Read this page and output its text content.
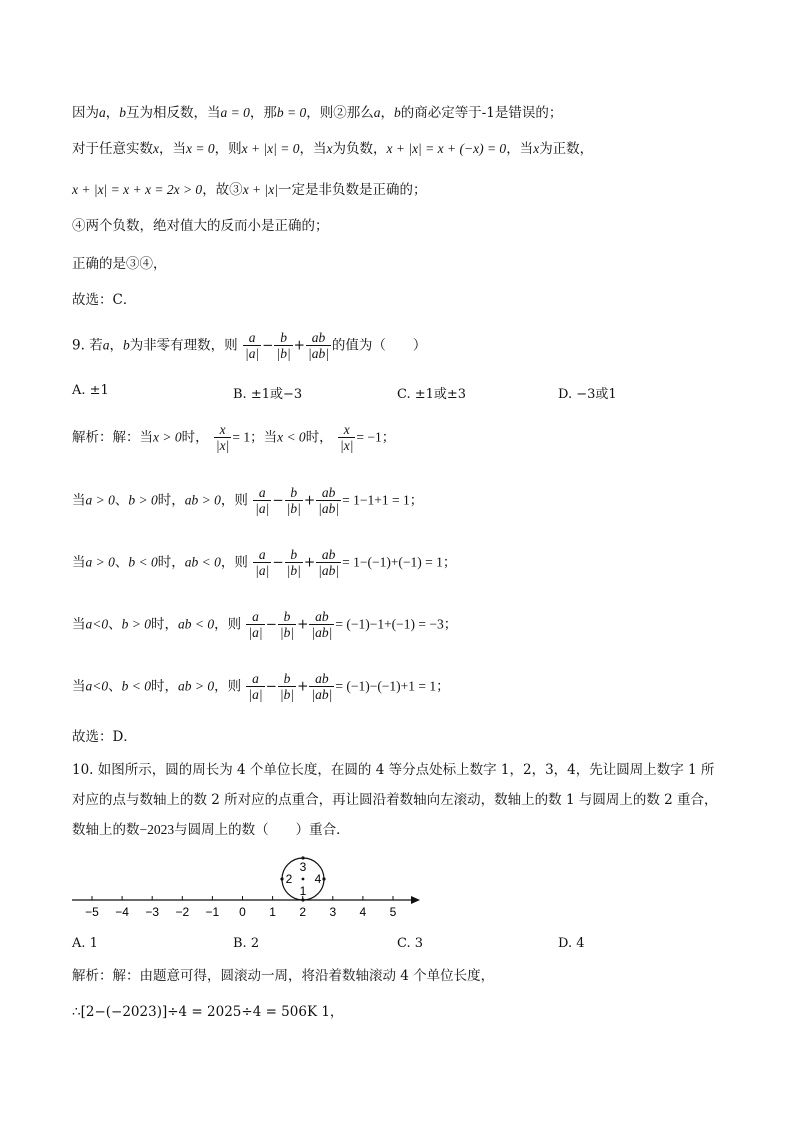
因为a，b互为相反数，当a = 0，那b = 0，则②那么a，b的商必定等于-1是错误的；
对于任意实数x，当x = 0，则x + |x| = 0，当x为负数，x + |x| = x + (−x) = 0，当x为正数，
x + |x| = x + x = 2x > 0，故③x + |x|一定是非负数是正确的；
④两个负数，绝对值大的反而小是正确的；
正确的是③④，
故选：C．
9. 若a，b为非零有理数，则 $\frac{a}{|a|} - \frac{b}{|b|} + \frac{ab}{|ab|}$ 的值为（　　）
A. ±1	B. ±1或−3	C. ±1或±3	D. −3或1
解析：解：当x > 0时， $\frac{x}{|x|} = 1$；当x < 0时， $\frac{x}{|x|} = -1$；
当a > 0、b > 0时，ab > 0，则 $\frac{a}{|a|} - \frac{b}{|b|} + \frac{ab}{|ab|} = 1-1+1 = 1$；
当a > 0、b < 0时，ab < 0，则 $\frac{a}{|a|} - \frac{b}{|b|} + \frac{ab}{|ab|} = 1-(-1)+(-1) = 1$；
当a<0、b > 0时，ab < 0，则 $\frac{a}{|a|} - \frac{b}{|b|} + \frac{ab}{|ab|} = (-1)-1+(-1) = -3$；
当a<0、b < 0时，ab > 0，则 $\frac{a}{|a|} - \frac{b}{|b|} + \frac{ab}{|ab|} = (-1)-(-1)+1 = 1$；
故选：D．
10. 如图所示，圆的周长为 4 个单位长度，在圆的 4 等分点处标上数字 1，2，3，4，先让圆周上数字 1 所
对应的点与数轴上的数 2 所对应的点重合，再让圆沿着数轴向左滚动，数轴上的数 1 与圆周上的数 2 重合，
数轴上的数−2023与圆周上的数（　　）重合．
−5 −4 −3 −2 −1 0 1 2 3 4 5
3
2 4
1
A. 1	B. 2	C. 3	D. 4
解析：解：由题意可得，圆滚动一周，将沿着数轴滚动 4 个单位长度，
∴[2−(−2023)]÷4 = 2025÷4 = 506K 1，
